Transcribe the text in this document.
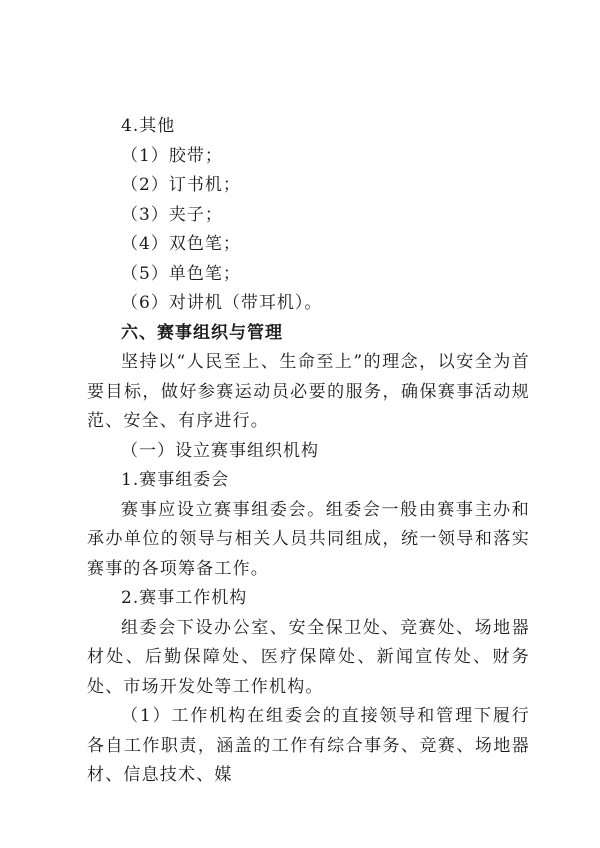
4.其他
（1）胶带；
（2）订书机；
（3）夹子；
（4）双色笔；
（5）单色笔；
（6）对讲机（带耳机）。
六、赛事组织与管理
坚持以“人民至上、生命至上”的理念，以安全为首要目标，做好参赛运动员必要的服务，确保赛事活动规范、安全、有序进行。
（一）设立赛事组织机构
1.赛事组委会
赛事应设立赛事组委会。组委会一般由赛事主办和承办单位的领导与相关人员共同组成，统一领导和落实赛事的各项筹备工作。
2.赛事工作机构
组委会下设办公室、安全保卫处、竞赛处、场地器材处、后勤保障处、医疗保障处、新闻宣传处、财务处、市场开发处等工作机构。
（1）工作机构在组委会的直接领导和管理下履行各自工作职责，涵盖的工作有综合事务、竞赛、场地器材、信息技术、媒
